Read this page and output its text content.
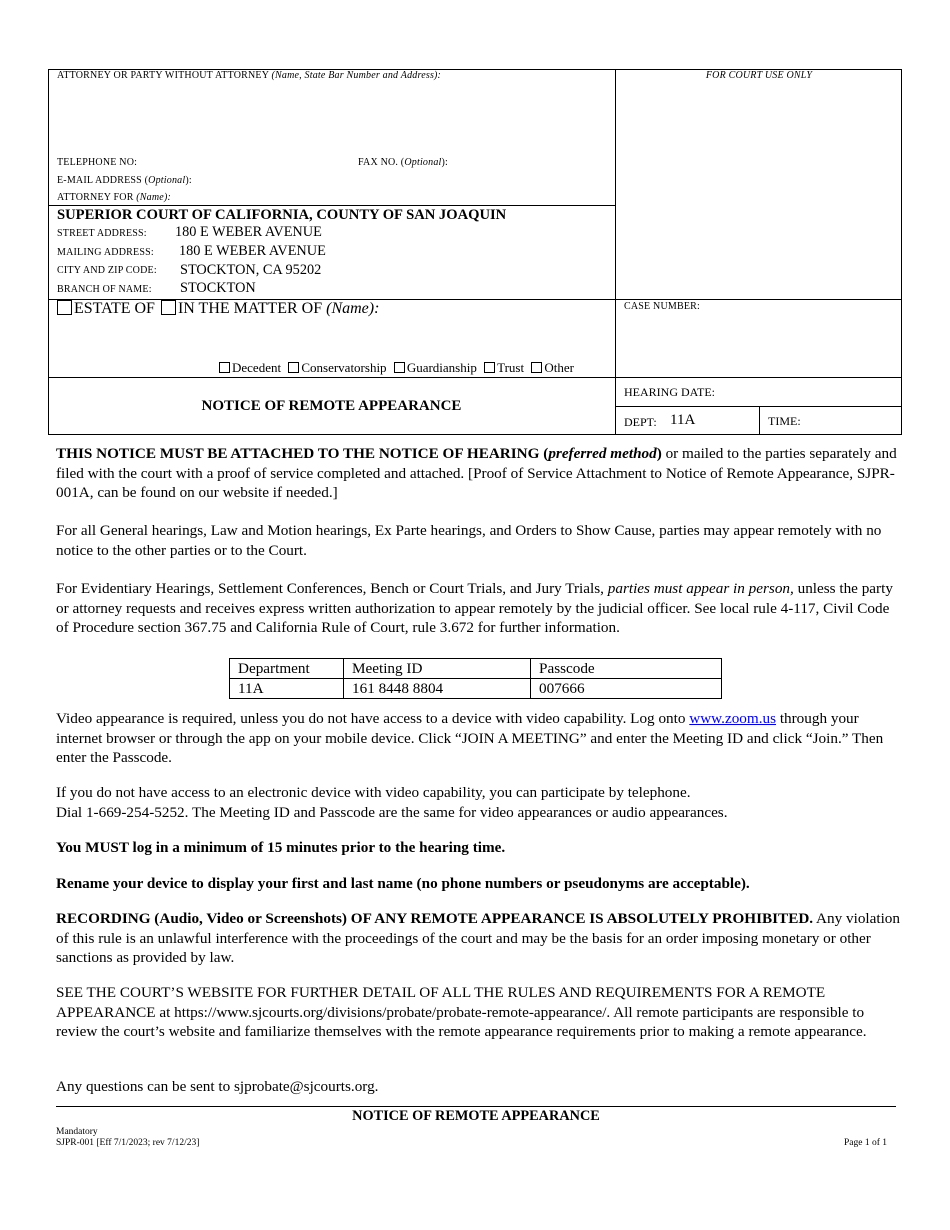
ATTORNEY OR PARTY WITHOUT ATTORNEY (Name, State Bar Number and Address):
TELEPHONE NO:	FAX NO. (Optional):
E-MAIL ADDRESS (Optional):
ATTORNEY FOR (Name):
FOR COURT USE ONLY
SUPERIOR COURT OF CALIFORNIA, COUNTY OF SAN JOAQUIN
STREET ADDRESS: 180 E WEBER AVENUE
MAILING ADDRESS: 180 E WEBER AVENUE
CITY AND ZIP CODE: STOCKTON, CA 95202
BRANCH OF NAME: STOCKTON
ESTATE OF IN THE MATTER OF (Name):
Decedent Conservatorship Guardianship Trust Other
CASE NUMBER:
NOTICE OF REMOTE APPEARANCE
HEARING DATE:
DEPT: 11A	TIME:

THIS NOTICE MUST BE ATTACHED TO THE NOTICE OF HEARING (preferred method) or mailed to the parties separately and filed with the court with a proof of service completed and attached. [Proof of Service Attachment to Notice of Remote Appearance, SJPR-001A, can be found on our website if needed.]

For all General hearings, Law and Motion hearings, Ex Parte hearings, and Orders to Show Cause, parties may appear remotely with no notice to the other parties or to the Court.

For Evidentiary Hearings, Settlement Conferences, Bench or Court Trials, and Jury Trials, parties must appear in person, unless the party or attorney requests and receives express written authorization to appear remotely by the judicial officer. See local rule 4-117, Civil Code of Procedure section 367.75 and California Rule of Court, rule 3.672 for further information.

Department	Meeting ID	Passcode
11A	161 8448 8804	007666

Video appearance is required, unless you do not have access to a device with video capability. Log onto www.zoom.us through your internet browser or through the app on your mobile device. Click “JOIN A MEETING” and enter the Meeting ID and click “Join.” Then enter the Passcode.

If you do not have access to an electronic device with video capability, you can participate by telephone.

Dial 1-669-254-5252. The Meeting ID and Passcode are the same for video appearances or audio appearances.

You MUST log in a minimum of 15 minutes prior to the hearing time.

Rename your device to display your first and last name (no phone numbers or pseudonyms are acceptable).

RECORDING (Audio, Video or Screenshots) OF ANY REMOTE APPEARANCE IS ABSOLUTELY PROHIBITED. Any violation of this rule is an unlawful interference with the proceedings of the court and may be the basis for an order imposing monetary or other sanctions as provided by law.

SEE THE COURT’S WEBSITE FOR FURTHER DETAIL OF ALL THE RULES AND REQUIREMENTS FOR A REMOTE APPEARANCE at https://www.sjcourts.org/divisions/probate/probate-remote-appearance/. All remote participants are responsible to review the court’s website and familiarize themselves with the remote appearance requirements prior to making a remote appearance.

Any questions can be sent to sjprobate@sjcourts.org.

NOTICE OF REMOTE APPEARANCE
Mandatory
SJPR-001 [Eff 7/1/2023; rev 7/12/23]	Page 1 of 1
